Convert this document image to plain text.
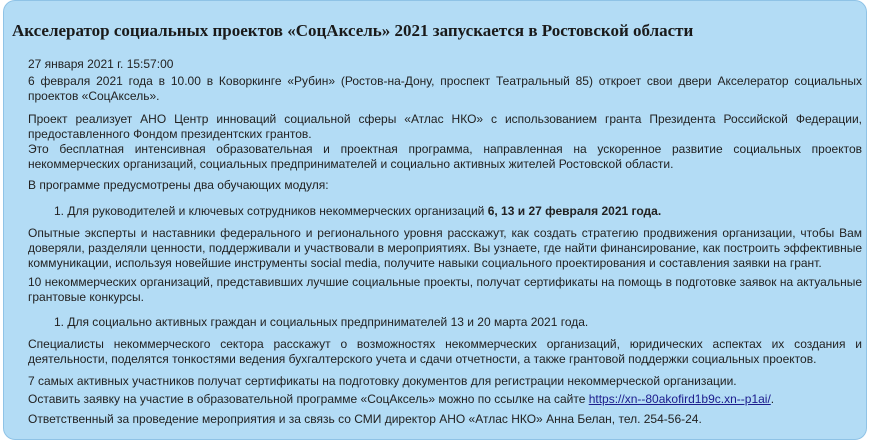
Акселератор социальных проектов «СоцАксель» 2021 запускается в Ростовской области

27 января 2021 г. 15:57:00

6 февраля 2021 года в 10.00 в Коворкинге «Рубин» (Ростов-на-Дону, проспект Театральный 85) откроет свои двери Акселератор социальных проектов «СоцАксель».

Проект реализует АНО Центр инноваций социальной сферы «Атлас НКО» с использованием гранта Президента Российской Федерации, предоставленного Фондом президентских грантов.

Это бесплатная интенсивная образовательная и проектная программа, направленная на ускоренное развитие социальных проектов некоммерческих организаций, социальных предпринимателей и социально активных жителей Ростовской области.

В программе предусмотрены два обучающих модуля:

1. Для руководителей и ключевых сотрудников некоммерческих организаций 6, 13 и 27 февраля 2021 года.

Опытные эксперты и наставники федерального и регионального уровня расскажут, как создать стратегию продвижения организации, чтобы Вам доверяли, разделяли ценности, поддерживали и участвовали в мероприятиях. Вы узнаете, где найти финансирование, как построить эффективные коммуникации, используя новейшие инструменты social media, получите навыки социального проектирования и составления заявки на грант.

10 некоммерческих организаций, представивших лучшие социальные проекты, получат сертификаты на помощь в подготовке заявок на актуальные грантовые конкурсы.

1. Для социально активных граждан и социальных предпринимателей 13 и 20 марта 2021 года.

Специалисты некоммерческого сектора расскажут о возможностях некоммерческих организаций, юридических аспектах их создания и деятельности, поделятся тонкостями ведения бухгалтерского учета и сдачи отчетности, а также грантовой поддержки социальных проектов.

7 самых активных участников получат сертификаты на подготовку документов для регистрации некоммерческой организации.

Оставить заявку на участие в образовательной программе «СоцАксель» можно по ссылке на сайте https://xn--80akofird1b9c.xn--p1ai/.

Ответственный за проведение мероприятия и за связь со СМИ директор АНО «Атлас НКО» Анна Белан, тел. 254-56-24.
